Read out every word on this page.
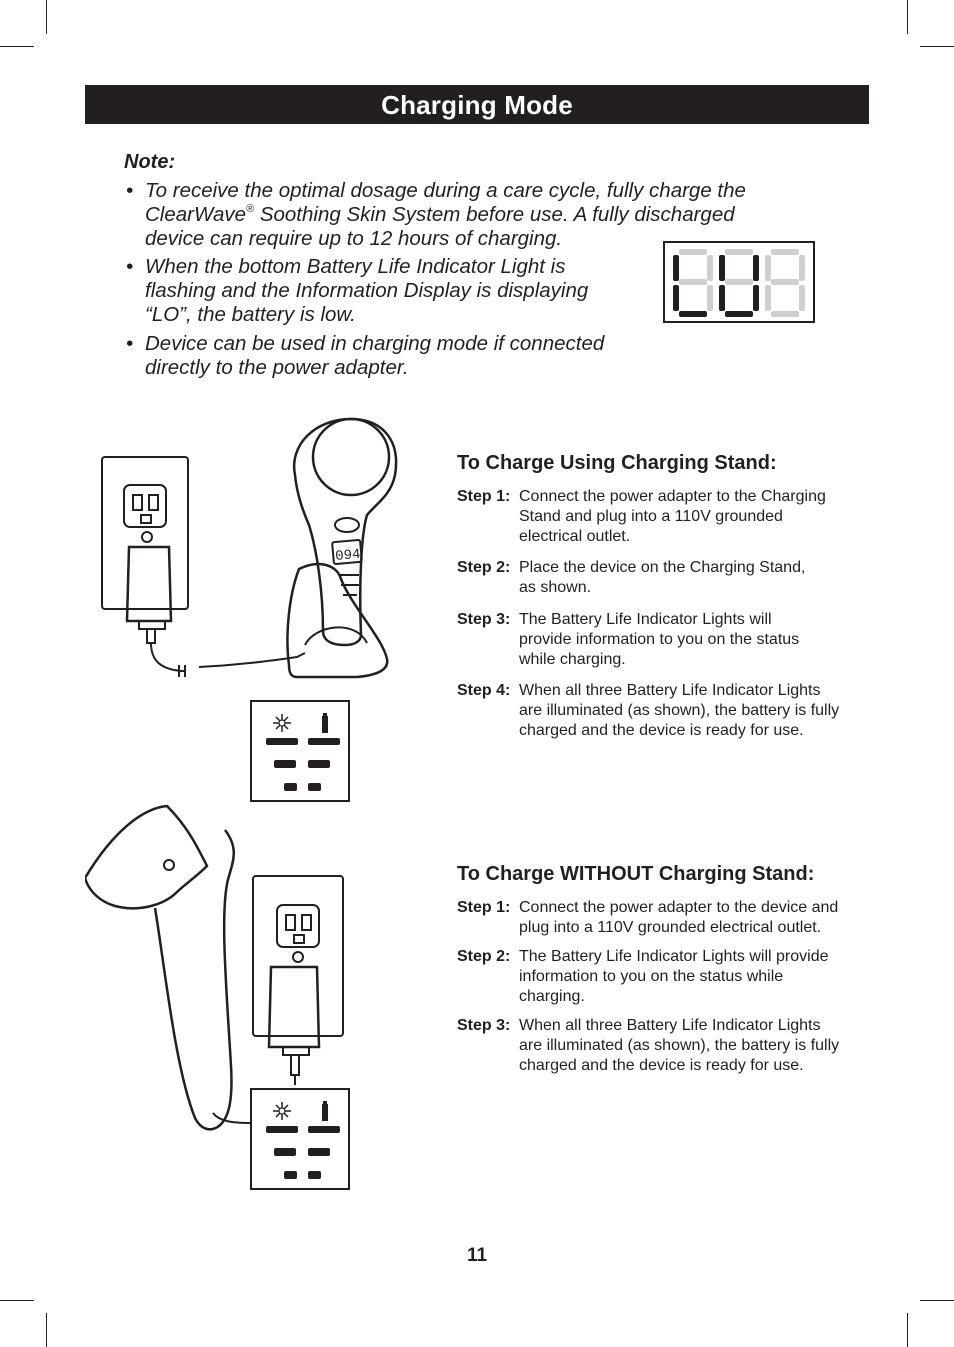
Charging Mode
Note:
• To receive the optimal dosage during a care cycle, fully charge the
ClearWave® Soothing Skin System before use. A fully discharged
device can require up to 12 hours of charging.
• When the bottom Battery Life Indicator Light is
flashing and the Information Display is displaying
“LO”, the battery is low.
• Device can be used in charging mode if connected
directly to the power adapter.
094
To Charge Using Charging Stand:
Step 1: Connect the power adapter to the Charging
Stand and plug into a 110V grounded
electrical outlet.
Step 2: Place the device on the Charging Stand,
as shown.
Step 3: The Battery Life Indicator Lights will
provide information to you on the status
while charging.
Step 4: When all three Battery Life Indicator Lights
are illuminated (as shown), the battery is fully
charged and the device is ready for use.
To Charge WITHOUT Charging Stand:
Step 1: Connect the power adapter to the device and
plug into a 110V grounded electrical outlet.
Step 2: The Battery Life Indicator Lights will provide
information to you on the status while
charging.
Step 3: When all three Battery Life Indicator Lights
are illuminated (as shown), the battery is fully
charged and the device is ready for use.
11
